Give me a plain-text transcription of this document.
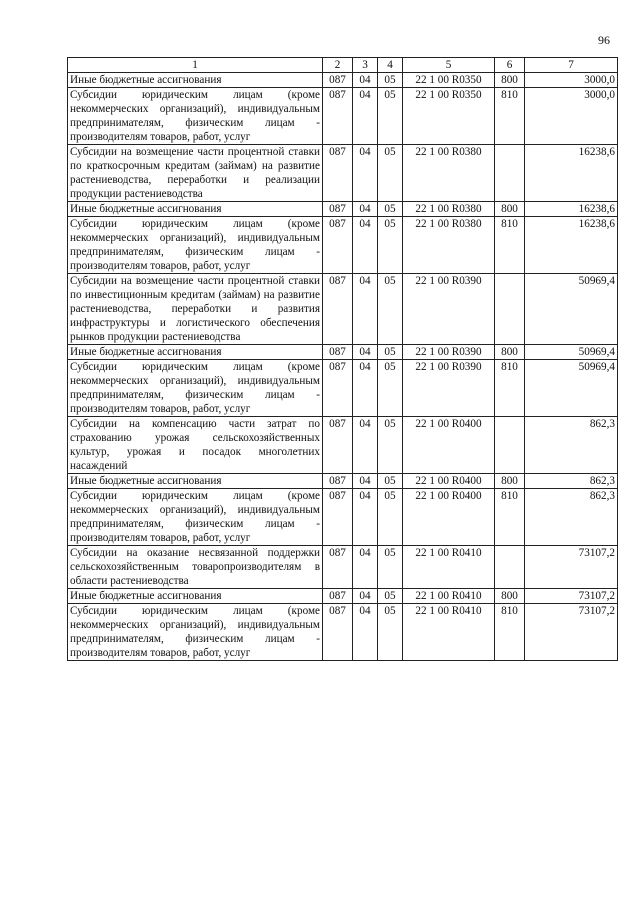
96
1	2	3	4	5	6	7
Иные бюджетные ассигнования	087	04	05	22 1 00 R0350	800	3000,0
Субсидии юридическим лицам (кроме некоммерческих организаций), индивидуальным предпринимателям, физическим лицам - производителям товаров, работ, услуг	087	04	05	22 1 00 R0350	810	3000,0
Субсидии на возмещение части процентной ставки по краткосрочным кредитам (займам) на развитие растениеводства, переработки и реализации продукции растениеводства	087	04	05	22 1 00 R0380		16238,6
Иные бюджетные ассигнования	087	04	05	22 1 00 R0380	800	16238,6
Субсидии юридическим лицам (кроме некоммерческих организаций), индивидуальным предпринимателям, физическим лицам - производителям товаров, работ, услуг	087	04	05	22 1 00 R0380	810	16238,6
Субсидии на возмещение части процентной ставки по инвестиционным кредитам (займам) на развитие растениеводства, переработки и развития инфраструктуры и логистического обеспечения рынков продукции растениеводства	087	04	05	22 1 00 R0390		50969,4
Иные бюджетные ассигнования	087	04	05	22 1 00 R0390	800	50969,4
Субсидии юридическим лицам (кроме некоммерческих организаций), индивидуальным предпринимателям, физическим лицам - производителям товаров, работ, услуг	087	04	05	22 1 00 R0390	810	50969,4
Субсидии на компенсацию части затрат по страхованию урожая сельскохозяйственных культур, урожая и посадок многолетних насаждений	087	04	05	22 1 00 R0400		862,3
Иные бюджетные ассигнования	087	04	05	22 1 00 R0400	800	862,3
Субсидии юридическим лицам (кроме некоммерческих организаций), индивидуальным предпринимателям, физическим лицам - производителям товаров, работ, услуг	087	04	05	22 1 00 R0400	810	862,3
Субсидии на оказание несвязанной поддержки сельскохозяйственным товаропроизводителям в области растениеводства	087	04	05	22 1 00 R0410		73107,2
Иные бюджетные ассигнования	087	04	05	22 1 00 R0410	800	73107,2
Субсидии юридическим лицам (кроме некоммерческих организаций), индивидуальным предпринимателям, физическим лицам - производителям товаров, работ, услуг	087	04	05	22 1 00 R0410	810	73107,2
